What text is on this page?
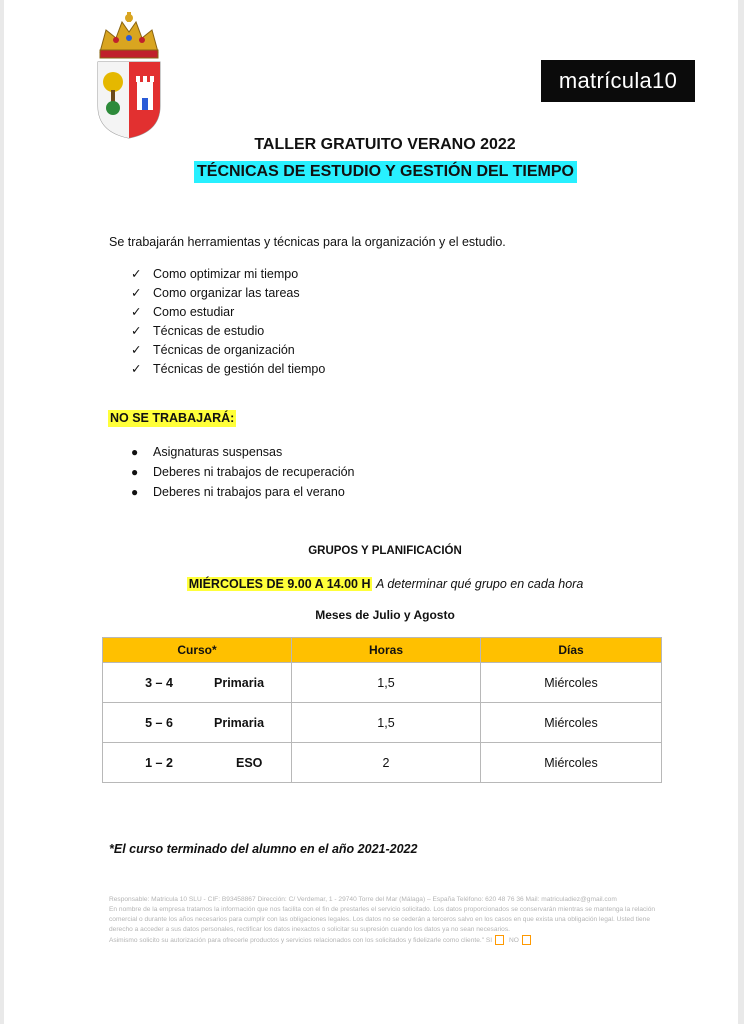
matrícula10
TALLER GRATUITO VERANO 2022
TÉCNICAS DE ESTUDIO Y GESTIÓN DEL TIEMPO
Se trabajarán herramientas y técnicas para la organización y el estudio.
✓ Como optimizar mi tiempo
✓ Como organizar las tareas
✓ Como estudiar
✓ Técnicas de estudio
✓ Técnicas de organización
✓ Técnicas de gestión del tiempo
NO SE TRABAJARÁ:
● Asignaturas suspensas
● Deberes ni trabajos de recuperación
● Deberes ni trabajos para el verano
GRUPOS Y PLANIFICACIÓN
MIÉRCOLES DE 9.00 A 14.00 H A determinar qué grupo en cada hora
Meses de Julio y Agosto
Curso*	Horas	Días
3 – 4 Primaria	1,5	Miércoles
5 – 6 Primaria	1,5	Miércoles
1 – 2 ESO	2	Miércoles
*El curso terminado del alumno en el año 2021-2022
Responsable: Matricula 10 SLU - CIF: B93458867 Dirección: C/ Verdemar, 1 - 29740 Torre del Mar (Málaga) – España Teléfono: 620 48 76 36 Mail: matriculadiez@gmail.com
En nombre de la empresa tratamos la información que nos facilita con el fin de prestarles el servicio solicitado. Los datos proporcionados se conservarán mientras se mantenga la relación comercial o durante los años necesarios para cumplir con las obligaciones legales. Los datos no se cederán a terceros salvo en los casos en que exista una obligación legal. Usted tiene derecho a acceder a sus datos personales, rectificar los datos inexactos o solicitar su supresión cuando los datos ya no sean necesarios.
Asimismo solicito su autorización para ofrecerle productos y servicios relacionados con los solicitados y fidelizarle como cliente." SI	NO
